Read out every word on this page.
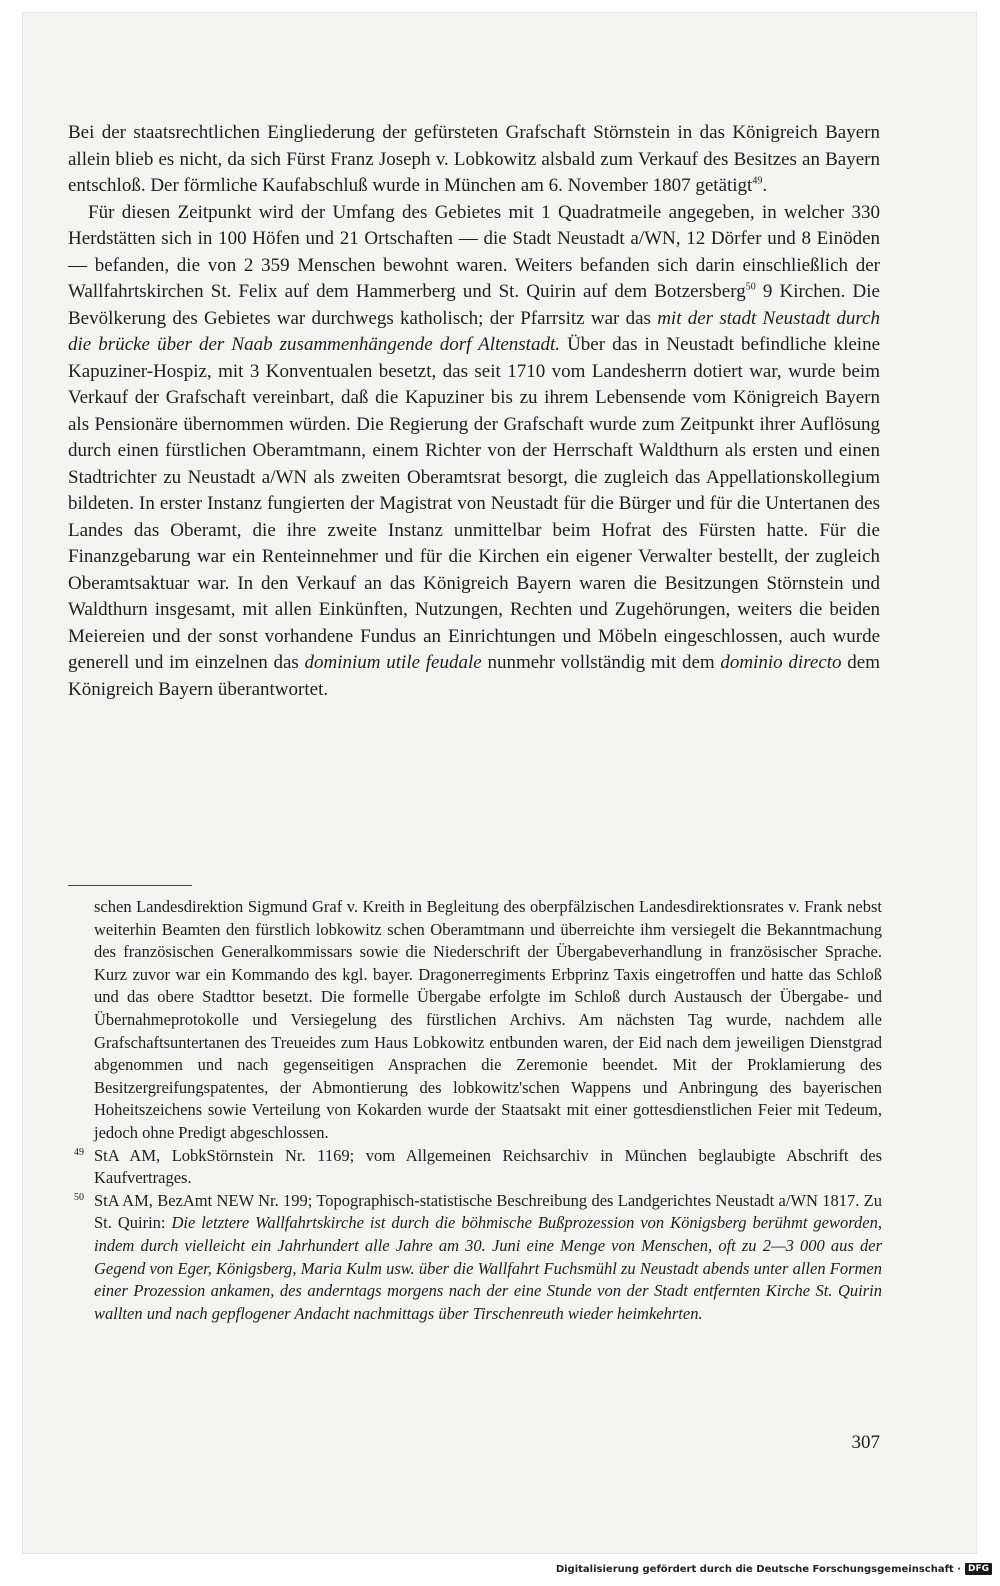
Bei der staatsrechtlichen Eingliederung der gefürsteten Grafschaft Störnstein in das Königreich Bayern allein blieb es nicht, da sich Fürst Franz Joseph v. Lobkowitz alsbald zum Verkauf des Besitzes an Bayern entschloß. Der förmliche Kaufabschluß wurde in München am 6. November 1807 getätigt$^{49}$.

Für diesen Zeitpunkt wird der Umfang des Gebietes mit 1 Quadratmeile angegeben, in welcher 330 Herdstätten sich in 100 Höfen und 21 Ortschaften — die Stadt Neustadt a/WN, 12 Dörfer und 8 Einöden — befanden, die von 2 359 Menschen bewohnt waren. Weiters befanden sich darin einschließlich der Wallfahrtskirchen St. Felix auf dem Hammerberg und St. Quirin auf dem Botzersberg$^{50}$ 9 Kirchen. Die Bevölkerung des Gebietes war durchwegs katholisch; der Pfarrsitz war das mit der stadt Neustadt durch die brücke über der Naab zusammenhängende dorf Altenstadt. Über das in Neustadt befindliche kleine Kapuziner-Hospiz, mit 3 Konventualen besetzt, das seit 1710 vom Landesherrn dotiert war, wurde beim Verkauf der Grafschaft vereinbart, daß die Kapuziner bis zu ihrem Lebensende vom Königreich Bayern als Pensionäre übernommen würden. Die Regierung der Grafschaft wurde zum Zeitpunkt ihrer Auflösung durch einen fürstlichen Oberamtmann, einem Richter von der Herrschaft Waldthurn als ersten und einen Stadtrichter zu Neustadt a/WN als zweiten Oberamtsrat besorgt, die zugleich das Appellationskollegium bildeten. In erster Instanz fungierten der Magistrat von Neustadt für die Bürger und für die Untertanen des Landes das Oberamt, die ihre zweite Instanz unmittelbar beim Hofrat des Fürsten hatte. Für die Finanzgebarung war ein Renteinnehmer und für die Kirchen ein eigener Verwalter bestellt, der zugleich Oberamtsaktuar war. In den Verkauf an das Königreich Bayern waren die Besitzungen Störnstein und Waldthurn insgesamt, mit allen Einkünften, Nutzungen, Rechten und Zugehörungen, weiters die beiden Meiereien und der sonst vorhandene Fundus an Einrichtungen und Möbeln eingeschlossen, auch wurde generell und im einzelnen das dominium utile feudale nunmehr vollständig mit dem dominio directo dem Königreich Bayern überantwortet.

schen Landesdirektion Sigmund Graf v. Kreith in Begleitung des oberpfälzischen Landesdirektionsrates v. Frank nebst weiterhin Beamten den fürstlich lobkowitz schen Oberamtmann und überreichte ihm versiegelt die Bekanntmachung des französischen Generalkommissars sowie die Niederschrift der Übergabeverhandlung in französischer Sprache. Kurz zuvor war ein Kommando des kgl. bayer. Dragonerregiments Erbprinz Taxis eingetroffen und hatte das Schloß und das obere Stadttor besetzt. Die formelle Übergabe erfolgte im Schloß durch Austausch der Übergabe- und Übernahmeprotokolle und Versiegelung des fürstlichen Archivs. Am nächsten Tag wurde, nachdem alle Grafschaftsuntertanen des Treueides zum Haus Lobkowitz entbunden waren, der Eid nach dem jeweiligen Dienstgrad abgenommen und nach gegenseitigen Ansprachen die Zeremonie beendet. Mit der Proklamierung des Besitzergreifungspatentes, der Abmontierung des lobkowitz'schen Wappens und Anbringung des bayerischen Hoheitszeichens sowie Verteilung von Kokarden wurde der Staatsakt mit einer gottesdienstlichen Feier mit Tedeum, jedoch ohne Predigt abgeschlossen.

49 StA AM, LobkStörnstein Nr. 1169; vom Allgemeinen Reichsarchiv in München beglaubigte Abschrift des Kaufvertrages.

50 StA AM, BezAmt NEW Nr. 199; Topographisch-statistische Beschreibung des Landgerichtes Neustadt a/WN 1817. Zu St. Quirin: Die letztere Wallfahrtskirche ist durch die böhmische Bußprozession von Königsberg berühmt geworden, indem durch vielleicht ein Jahrhundert alle Jahre am 30. Juni eine Menge von Menschen, oft zu 2—3 000 aus der Gegend von Eger, Königsberg, Maria Kulm usw. über die Wallfahrt Fuchsmühl zu Neustadt abends unter allen Formen einer Prozession ankamen, des anderntags morgens nach der eine Stunde von der Stadt entfernten Kirche St. Quirin wallten und nach gepflogener Andacht nachmittags über Tirschenreuth wieder heimkehrten.

307
Digitalisierung gefördert durch die Deutsche Forschungsgemeinschaft · DFG
